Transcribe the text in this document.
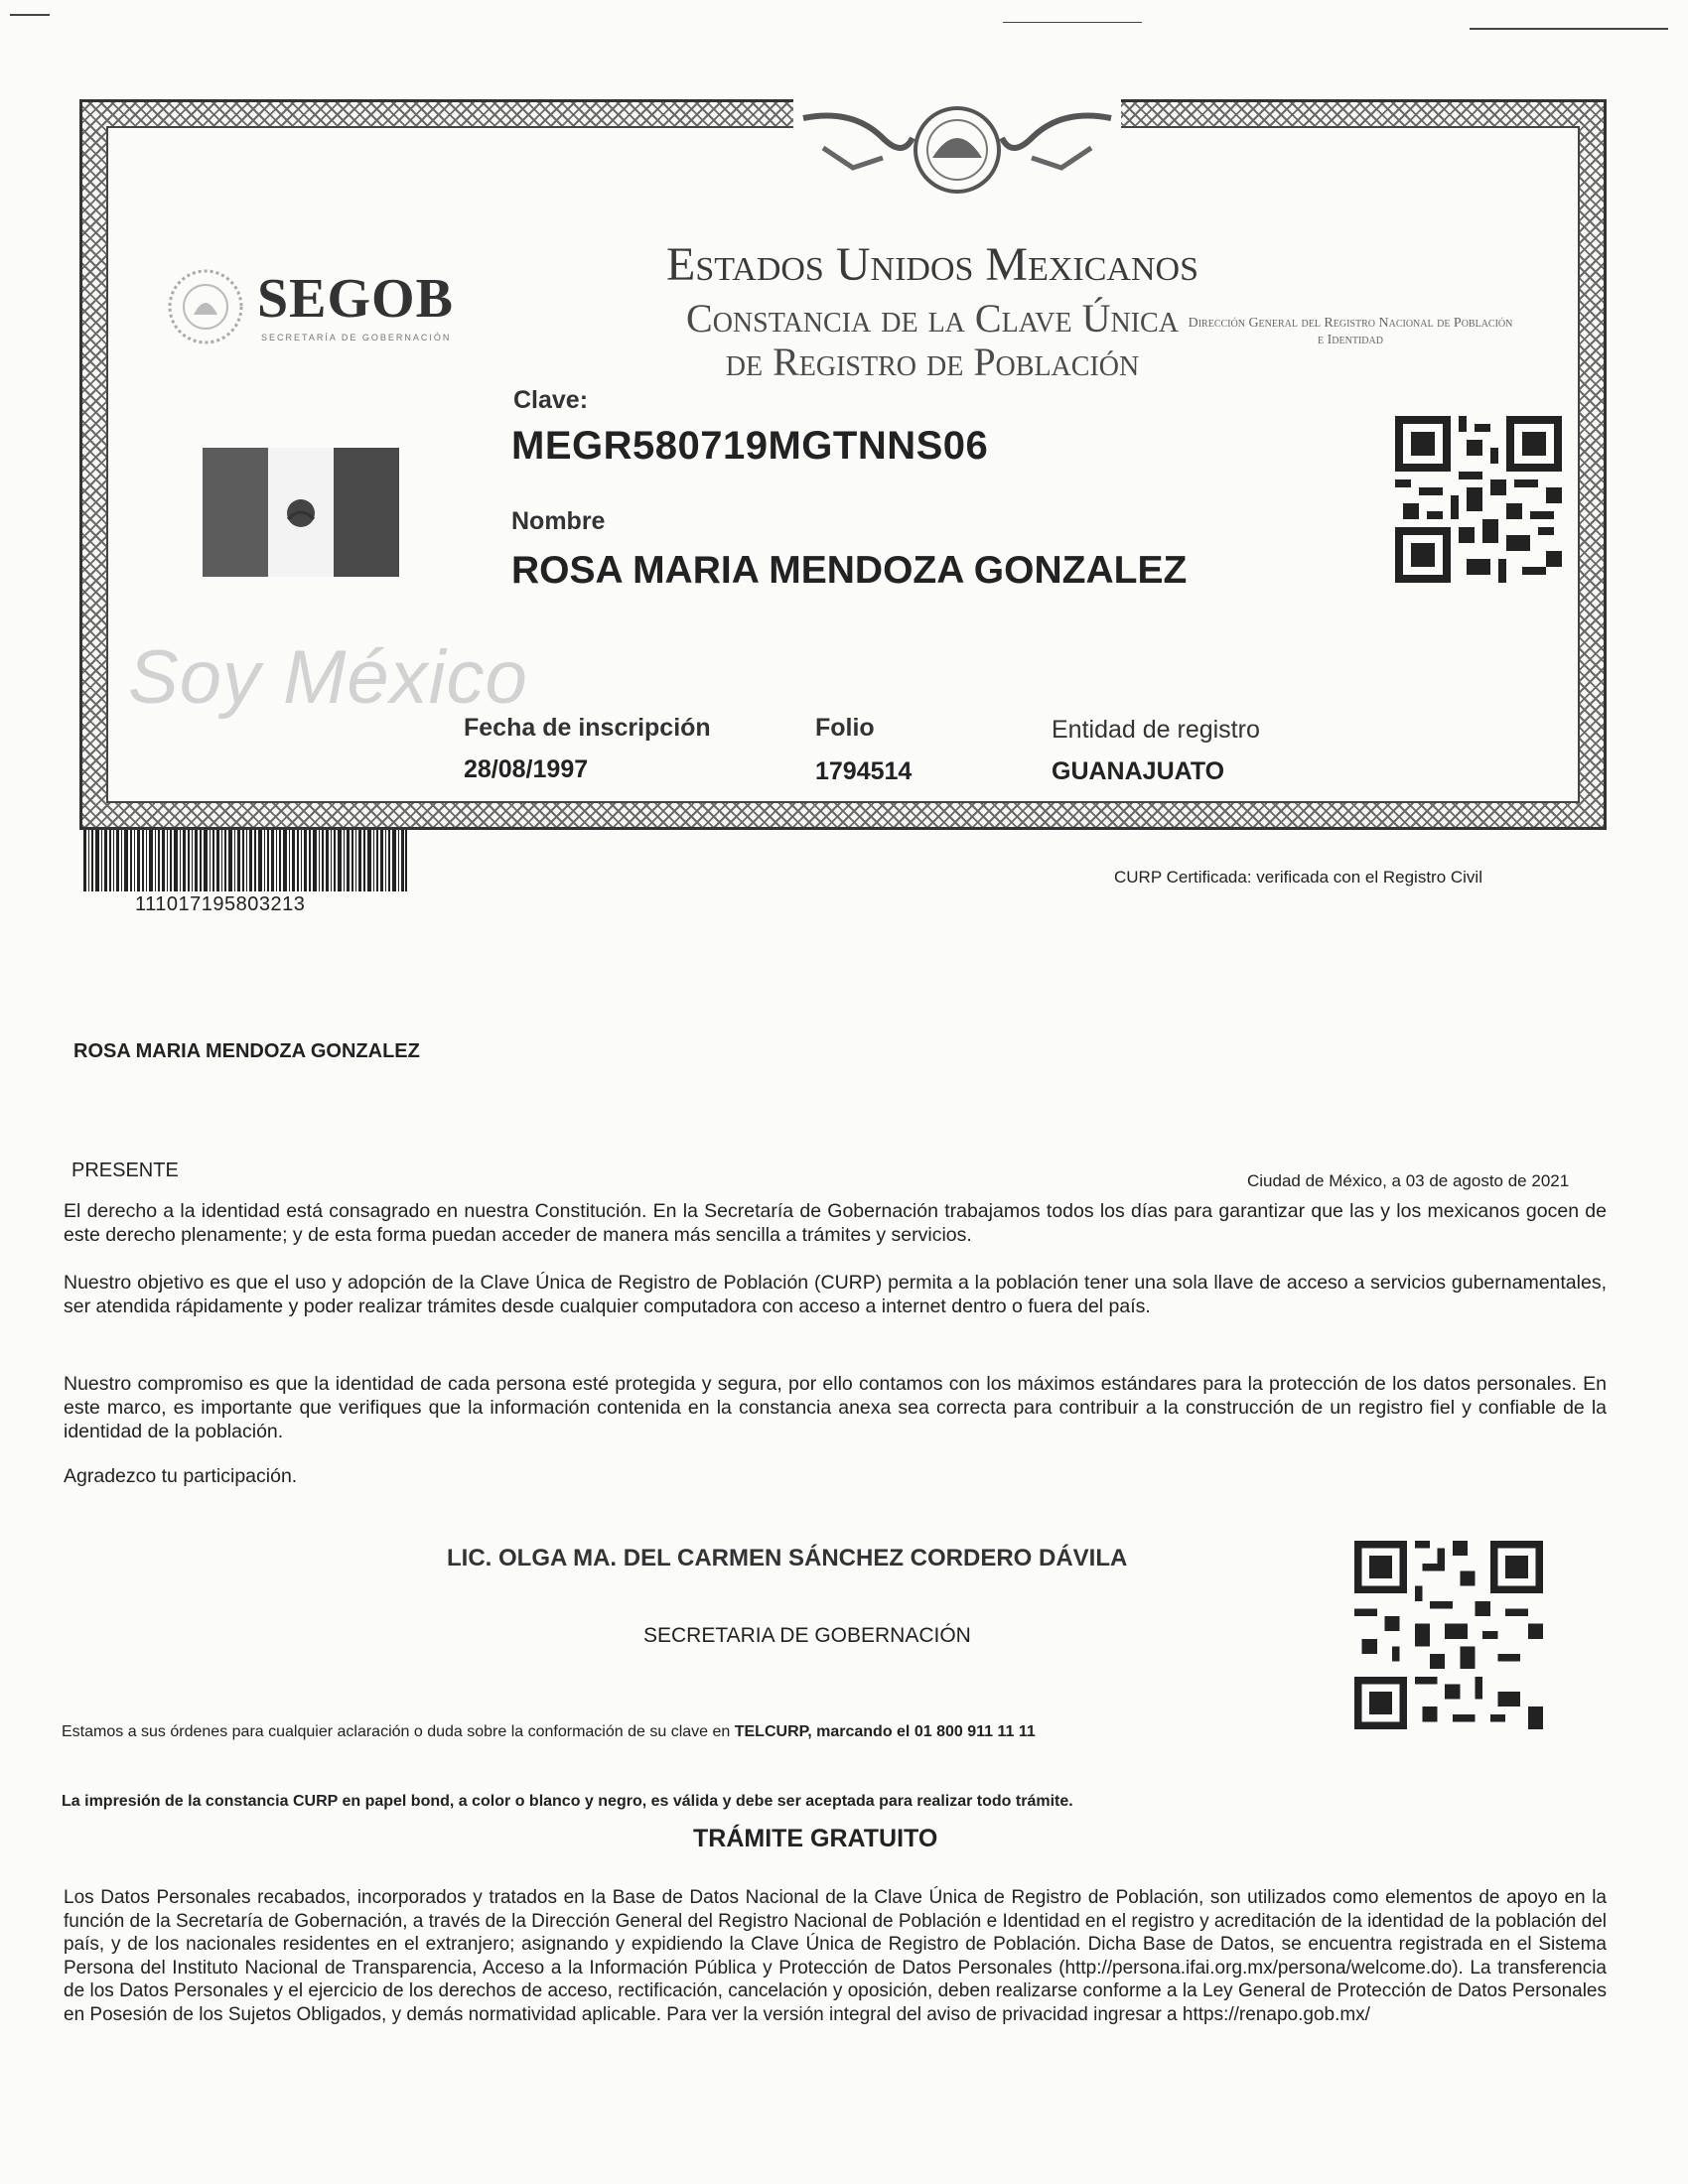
SEGOB
SECRETARÍA DE GOBERNACIÓN
Estados Unidos Mexicanos
Constancia de la Clave Única
de Registro de Población
Dirección General del Registro Nacional de Población e Identidad
Soy México
Clave:
MEGR580719MGTNNS06
Nombre
ROSA MARIA MENDOZA GONZALEZ
Fecha de inscripción
28/08/1997
Folio
1794514
Entidad de registro
GUANAJUATO
111017195803213
CURP Certificada: verificada con el Registro Civil
ROSA MARIA MENDOZA GONZALEZ
PRESENTE	Ciudad de México, a 03 de agosto de 2021
El derecho a la identidad está consagrado en nuestra Constitución. En la Secretaría de Gobernación trabajamos todos los días para garantizar que las y los mexicanos gocen de este derecho plenamente; y de esta forma puedan acceder de manera más sencilla a trámites y servicios.
Nuestro objetivo es que el uso y adopción de la Clave Única de Registro de Población (CURP) permita a la población tener una sola llave de acceso a servicios gubernamentales, ser atendida rápidamente y poder realizar trámites desde cualquier computadora con acceso a internet dentro o fuera del país.
Nuestro compromiso es que la identidad de cada persona esté protegida y segura, por ello contamos con los máximos estándares para la protección de los datos personales. En este marco, es importante que verifiques que la información contenida en la constancia anexa sea correcta para contribuir a la construcción de un registro fiel y confiable de la identidad de la población.
Agradezco tu participación.
LIC. OLGA MA. DEL CARMEN SÁNCHEZ CORDERO DÁVILA
SECRETARIA DE GOBERNACIÓN
Estamos a sus órdenes para cualquier aclaración o duda sobre la conformación de su clave en TELCURP, marcando el 01 800 911 11 11
La impresión de la constancia CURP en papel bond, a color o blanco y negro, es válida y debe ser aceptada para realizar todo trámite.
TRÁMITE GRATUITO
Los Datos Personales recabados, incorporados y tratados en la Base de Datos Nacional de la Clave Única de Registro de Población, son utilizados como elementos de apoyo en la función de la Secretaría de Gobernación, a través de la Dirección General del Registro Nacional de Población e Identidad en el registro y acreditación de la identidad de la población del país, y de los nacionales residentes en el extranjero; asignando y expidiendo la Clave Única de Registro de Población. Dicha Base de Datos, se encuentra registrada en el Sistema Persona del Instituto Nacional de Transparencia, Acceso a la Información Pública y Protección de Datos Personales (http://persona.ifai.org.mx/persona/welcome.do). La transferencia de los Datos Personales y el ejercicio de los derechos de acceso, rectificación, cancelación y oposición, deben realizarse conforme a la Ley General de Protección de Datos Personales en Posesión de los Sujetos Obligados, y demás normatividad aplicable. Para ver la versión integral del aviso de privacidad ingresar a https://renapo.gob.mx/
